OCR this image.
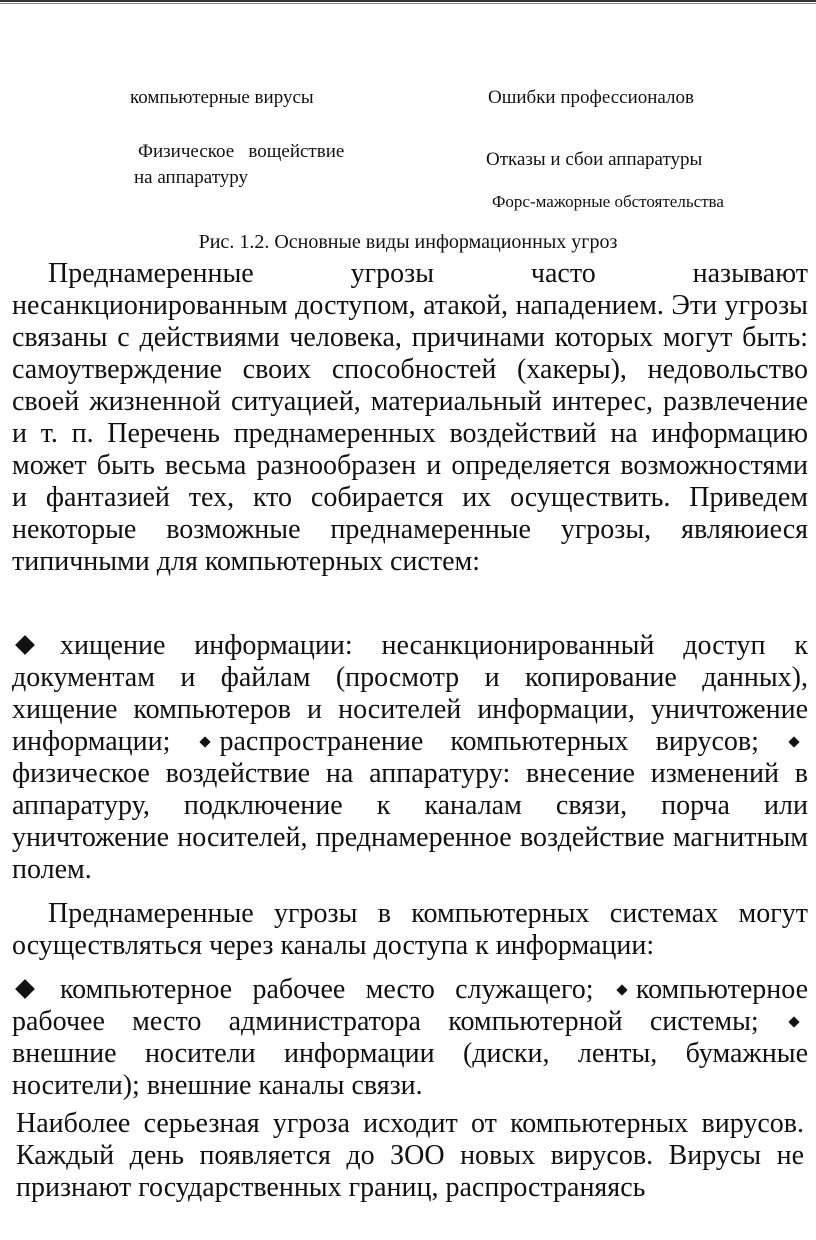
компьютерные вирусы	Ошибки профессионалов
Физическое   вощействие
на аппаратуру
Отказы и сбои аппаратуры
Форс-мажорные обстоятельства
Рис. 1.2. Основные виды информационных угроз
Преднамеренные угрозы часто называют несанкционированным доступом, атакой, нападением. Эти угрозы связаны с действиями человека, причинами которых могут быть: самоутверждение своих способностей (хакеры), недовольство своей жизненной ситуацией, материальный интерес, развлечение и т. п. Перечень преднамеренных воздействий на информацию может быть весьма разнообразен и определяется возможностями и фантазией тех, кто собирается их осуществить. Приведем некоторые возможные преднамеренные угрозы, являюиеся типичными для компьютерных систем:
хищение информации: несанкционированный доступ к документам и файлам (просмотр и копирование данных), хищение компьютеров и носителей информации, уничтожение информации; распространение компьютерных вирусов; физическое воздействие на аппаратуру: внесение изменений в аппаратуру, подключение к каналам связи, порча или уничтожение носителей, преднамеренное воздействие магнитным полем.
Преднамеренные угрозы в компьютерных системах могут осуществляться через каналы доступа к информации:
компьютерное рабочее место служащего; компьютерное рабочее место администратора компьютерной системы; внешние носители информации (диски, ленты, бумажные носители); внешние каналы связи.
Наиболее серьезная угроза исходит от компьютерных вирусов. Каждый день появляется до ЗОО новых вирусов. Вирусы не признают государственных границ, распространяясь
